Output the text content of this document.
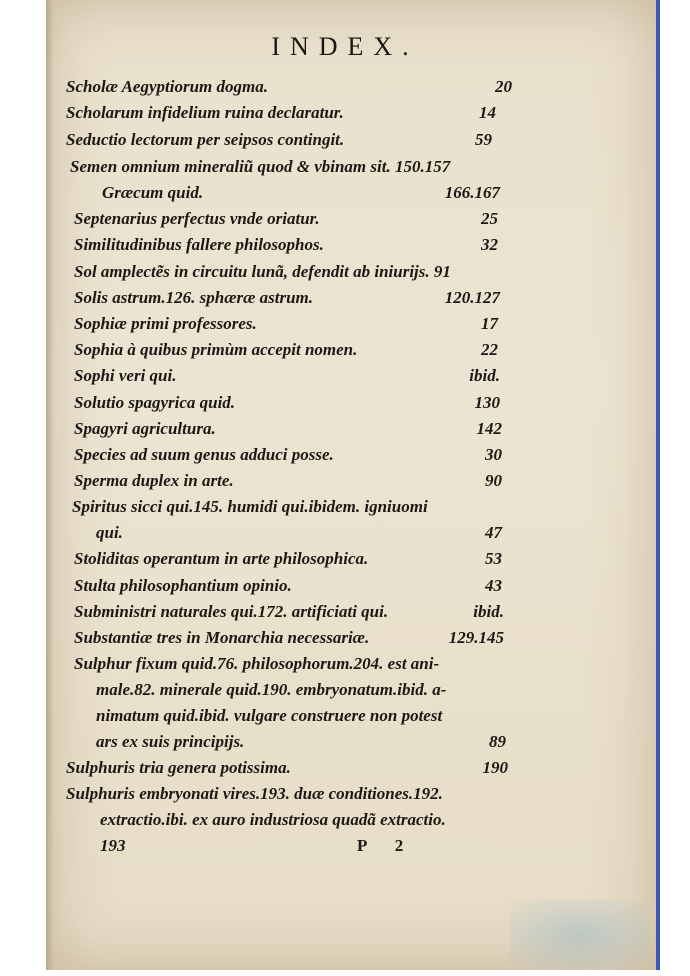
INDEX.
Scholæ Aegyptiorum dogma.	20
Scholarum infidelium ruina declaratur.	14
Seductio lectorum per seipsos contingit.	59
Semen omnium mineraliũ quod & vbinam sit. 150.157
Græcum quid.	166.167
Septenarius perfectus vnde oriatur.	25
Similitudinibus fallere philosophos.	32
Sol amplectẽs in circuitu lunã, defendit ab iniurijs. 91
Solis astrum.126. sphæræ astrum.	120.127
Sophiæ primi professores.	17
Sophia à quibus primùm accepit nomen.	22
Sophi veri qui.	ibid.
Solutio spagyrica quid.	130
Spagyri agricultura.	142
Species ad suum genus adduci posse.	30
Sperma duplex in arte.	90
Spiritus sicci qui.145. humidi qui.ibidem. igniuomi
qui.	47
Stoliditas operantum in arte philosophica.	53
Stulta philosophantium opinio.	43
Subministri naturales qui.172. artificiati qui.	ibid.
Substantiæ tres in Monarchia necessariæ.	129.145
Sulphur fixum quid.76. philosophorum.204. est ani-
male.82. minerale quid.190. embryonatum.ibid. a-
nimatum quid.ibid. vulgare construere non potest
ars ex suis principijs.	89
Sulphuris tria genera potissima.	190
Sulphuris embryonati vires.193. duæ conditiones.192.
extractio.ibi. ex auro industriosa quadã extractio.
193	P 2
